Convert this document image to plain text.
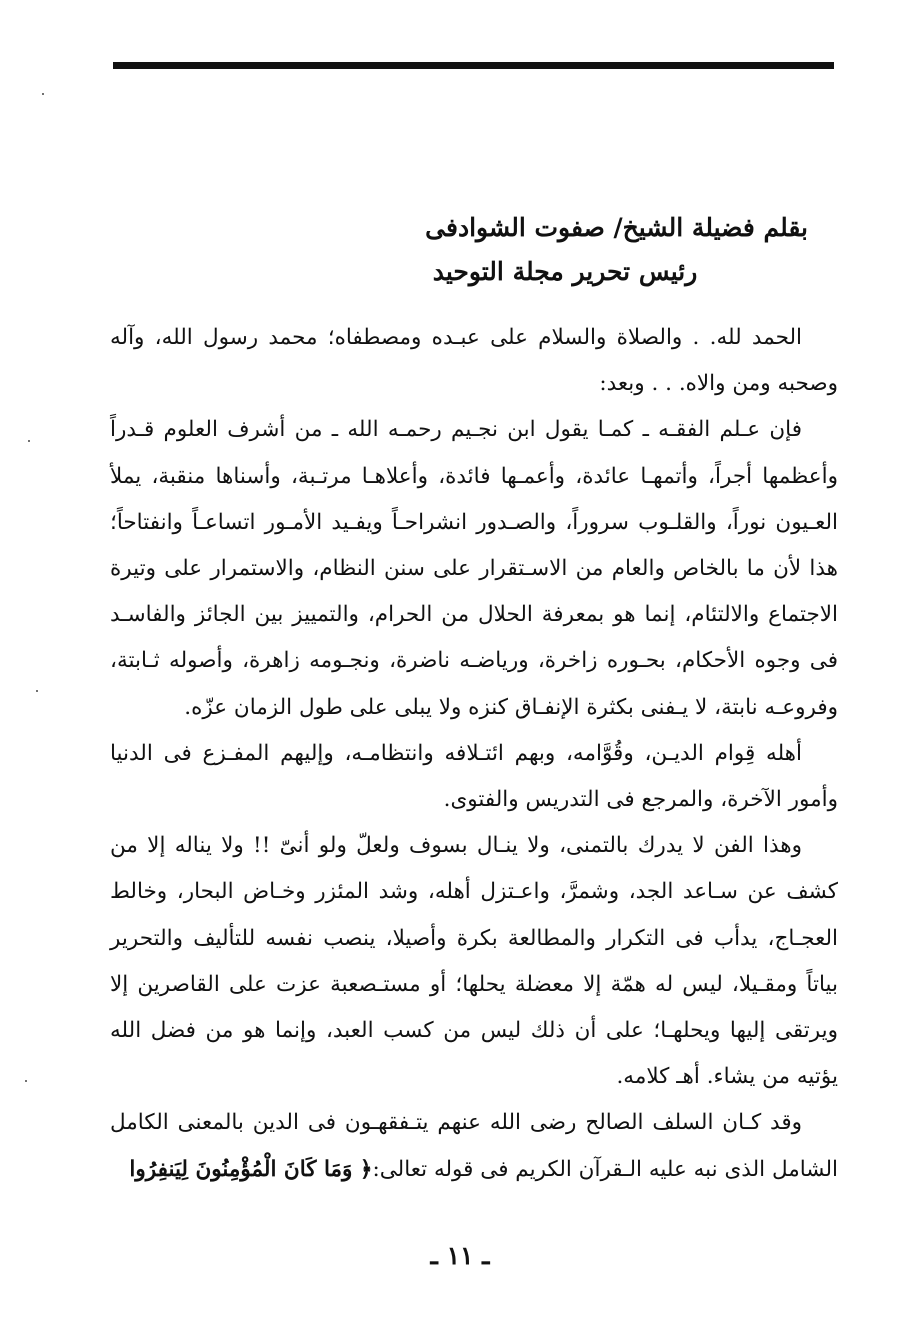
بقلم فضيلة الشيخ/ صفوت الشوادفى
رئيس تحرير مجلة التوحيد

الحمد لله. . والصلاة والسلام على عبـده ومصطفاه؛ محمد رسول الله، وآله وصحبه ومن والاه. . . وبعد:

فإن عـلم الفقـه ـ كمـا يقول ابن نجـيم رحمـه الله ـ من أشرف العلوم قـدراً وأعظمها أجراً، وأتمهـا عائدة، وأعمـها فائدة، وأعلاهـا مرتـبة، وأسناها منقبة، يملأ العـيون نوراً، والقلـوب سروراً، والصـدور انشراحـاً ويفـيد الأمـور اتساعـاً وانفتاحاً؛ هذا لأن ما بالخاص والعام من الاسـتقرار على سنن النظام، والاستمرار على وتيرة الاجتماع والالتئام، إنما هو بمعرفة الحلال من الحرام، والتمييز بين الجائز والفاسـد فى وجوه الأحكام، بحـوره زاخرة، ورياضـه ناضرة، ونجـومه زاهرة، وأصوله ثـابتة، وفروعـه نابتة، لا يـفنى بكثرة الإنفـاق كنزه ولا يبلى على طول الزمان عزّه.

أهله قِوام الديـن، وقُوَّامه، وبهم ائتـلافه وانتظامـه، وإليهم المفـزع فى الدنيا وأمور الآخرة، والمرجع فى التدريس والفتوى.

وهذا الفن لا يدرك بالتمنى، ولا ينـال بسوف ولعلّ ولو أنىّ !! ولا يناله إلا من كشف عن سـاعد الجد، وشمرَّ، واعـتزل أهله، وشد المئزر وخـاض البحار، وخالط العجـاج، يدأب فى التكرار والمطالعة بكرة وأصيلا، ينصب نفسه للتأليف والتحرير بياتاً ومقـيلا، ليس له همّة إلا معضلة يحلها؛ أو مستـصعبة عزت على القاصرين إلا ويرتقى إليها ويحلهـا؛ على أن ذلك ليس من كسب العبد، وإنما هو من فضل الله يؤتيه من يشاء. أهـ كلامه.

وقد كـان السلف الصالح رضى الله عنهم يتـفقهـون فى الدين بالمعنى الكامل الشامل الذى نبه عليه الـقرآن الكريم فى قوله تعالى:﴿ وَمَا كَانَ الْمُؤْمِنُونَ لِيَنفِرُوا

ـ ١١ ـ
